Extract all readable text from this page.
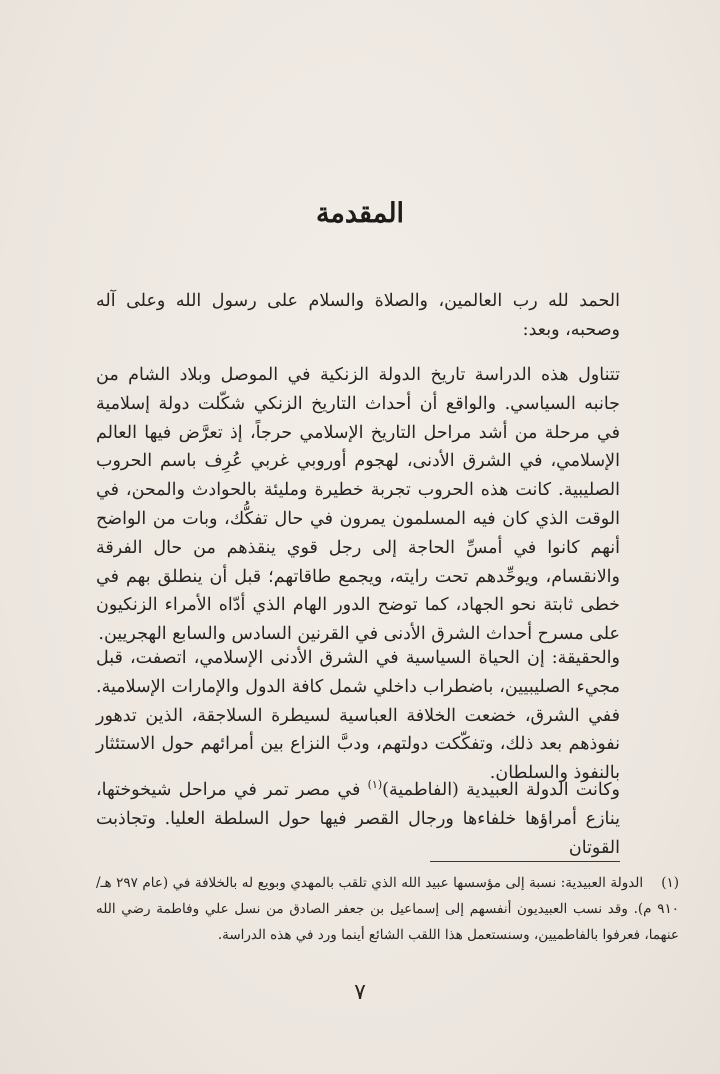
المقدمة
الحمد لله رب العالمين، والصلاة والسلام على رسول الله وعلى آله وصحبه، وبعد:
تتناول هذه الدراسة تاريخ الدولة الزنكية في الموصل وبلاد الشام من جانبه السياسي. والواقع أن أحداث التاريخ الزنكي شكّلت دولة إسلامية في مرحلة من أشد مراحل التاريخ الإسلامي حرجاً، إذ تعرَّض فيها العالم الإسلامي، في الشرق الأدنى، لهجوم أوروبي غربي عُرِف باسم الحروب الصليبية. كانت هذه الحروب تجربة خطيرة ومليئة بالحوادث والمحن، في الوقت الذي كان فيه المسلمون يمرون في حال تفكُّك، وبات من الواضح أنهم كانوا في أمسِّ الحاجة إلى رجل قوي ينقذهم من حال الفرقة والانقسام، ويوحِّدهم تحت رايته، ويجمع طاقاتهم؛ قبل أن ينطلق بهم في خطى ثابتة نحو الجهاد، كما توضح الدور الهام الذي أدّاه الأمراء الزنكيون على مسرح أحداث الشرق الأدنى في القرنين السادس والسابع الهجريين.
والحقيقة: إن الحياة السياسية في الشرق الأدنى الإسلامي، اتصفت، قبل مجيء الصليبيين، باضطراب داخلي شمل كافة الدول والإمارات الإسلامية. ففي الشرق، خضعت الخلافة العباسية لسيطرة السلاجقة، الذين تدهور نفوذهم بعد ذلك، وتفكّكت دولتهم، ودبَّ النزاع بين أمرائهم حول الاستئثار بالنفوذ والسلطان.
وكانت الدولة العبيدية (الفاطمية)$^{(١)}$ في مصر تمر في مراحل شيخوختها، ينازع أمراؤها خلفاءها ورجال القصر فيها حول السلطة العليا. وتجاذبت القوتان
(١)الدولة العبيدية: نسبة إلى مؤسسها عبيد الله الذي تلقب بالمهدي وبويع له بالخلافة في (عام ٢٩٧ هـ/ ٩١٠ م). وقد نسب العبيديون أنفسهم إلى إسماعيل بن جعفر الصادق من نسل علي وفاطمة رضي الله عنهما، فعرفوا بالفاطميين، وسنستعمل هذا اللقب الشائع أينما ورد في هذه الدراسة.
٧
